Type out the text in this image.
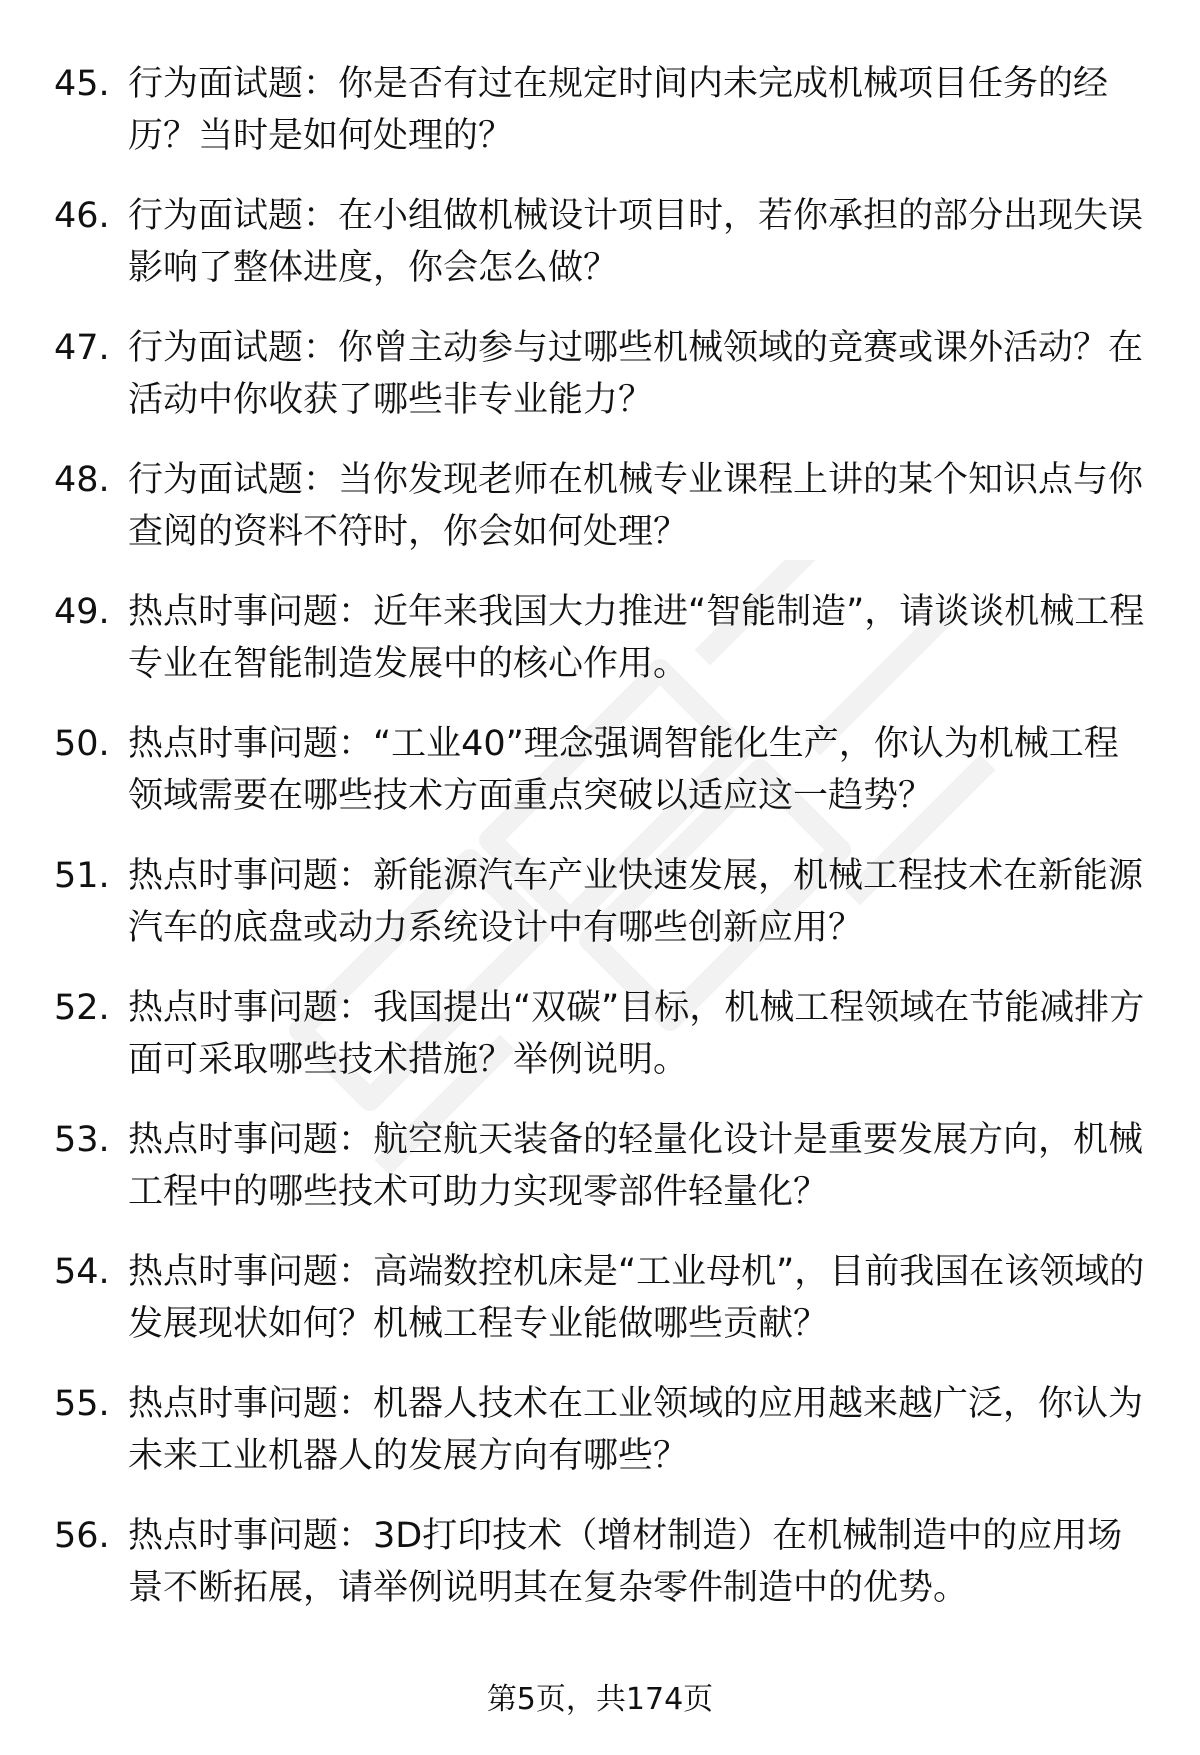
45. 行为面试题：你是否有过在规定时间内未完成机械项目任务的经历？当时是如何处理的？
46. 行为面试题：在小组做机械设计项目时，若你承担的部分出现失误影响了整体进度，你会怎么做？
47. 行为面试题：你曾主动参与过哪些机械领域的竞赛或课外活动？在活动中你收获了哪些非专业能力？
48. 行为面试题：当你发现老师在机械专业课程上讲的某个知识点与你查阅的资料不符时，你会如何处理？
49. 热点时事问题：近年来我国大力推进“智能制造”，请谈谈机械工程专业在智能制造发展中的核心作用。
50. 热点时事问题：“工业40”理念强调智能化生产，你认为机械工程领域需要在哪些技术方面重点突破以适应这一趋势？
51. 热点时事问题：新能源汽车产业快速发展，机械工程技术在新能源汽车的底盘或动力系统设计中有哪些创新应用？
52. 热点时事问题：我国提出“双碳”目标，机械工程领域在节能减排方面可采取哪些技术措施？举例说明。
53. 热点时事问题：航空航天装备的轻量化设计是重要发展方向，机械工程中的哪些技术可助力实现零部件轻量化？
54. 热点时事问题：高端数控机床是“工业母机”，目前我国在该领域的发展现状如何？机械工程专业能做哪些贡献？
55. 热点时事问题：机器人技术在工业领域的应用越来越广泛，你认为未来工业机器人的发展方向有哪些？
56. 热点时事问题：3D打印技术（增材制造）在机械制造中的应用场景不断拓展，请举例说明其在复杂零件制造中的优势。
第5页，共174页
